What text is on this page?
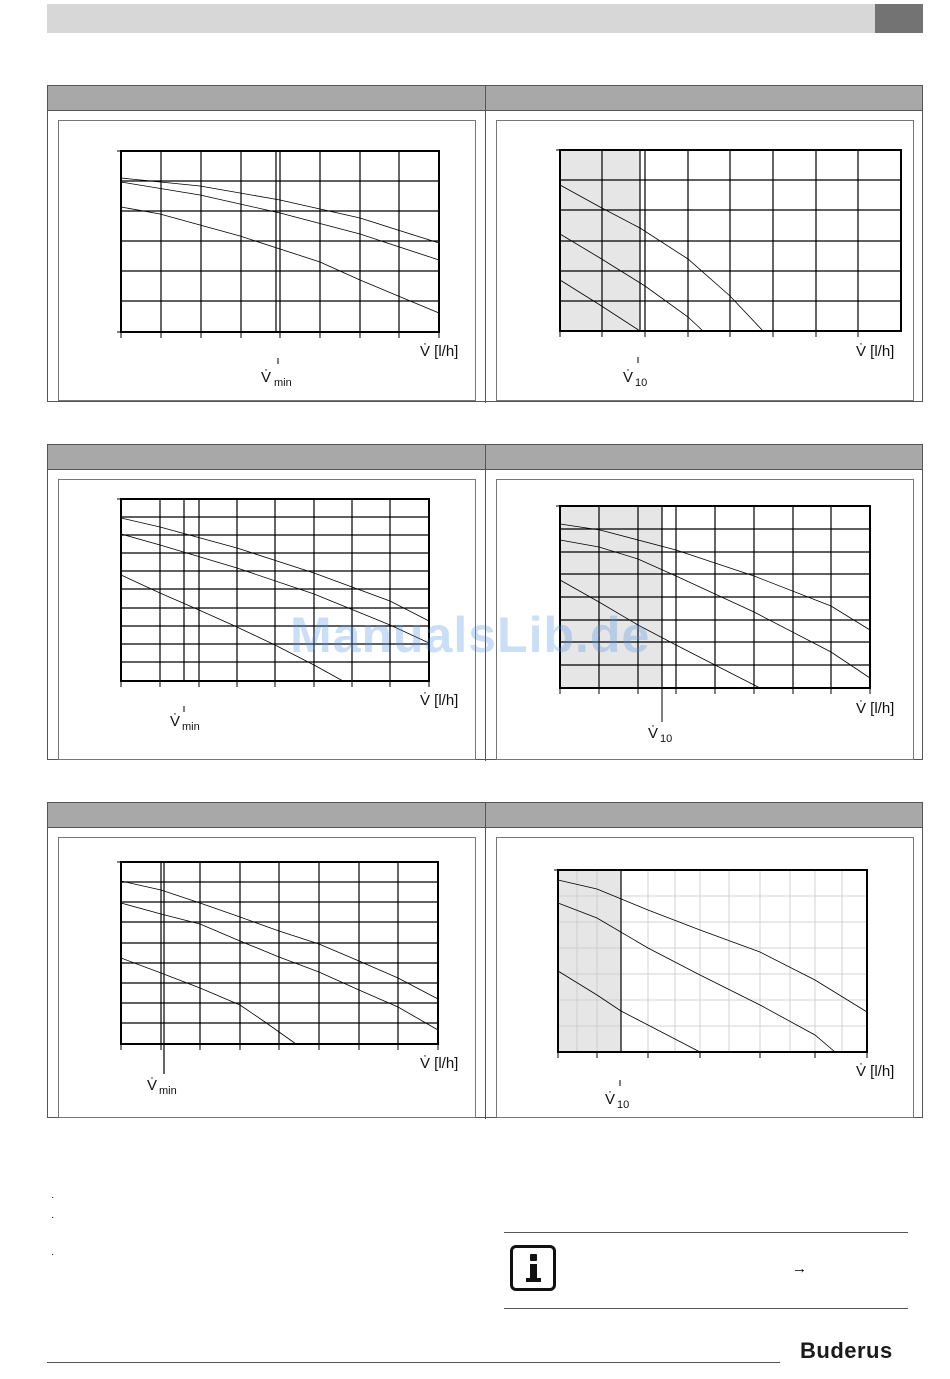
V̇ [l/h]
V̇ min
V̇ [l/h]
V̇ 10
V̇ [l/h]
V̇ min
V̇ [l/h]
V̇ 10
V̇ [l/h]
V̇ min
V̇ [l/h]
V̇ 10
·
·
·
→
Buderus
ManualsLib.de
